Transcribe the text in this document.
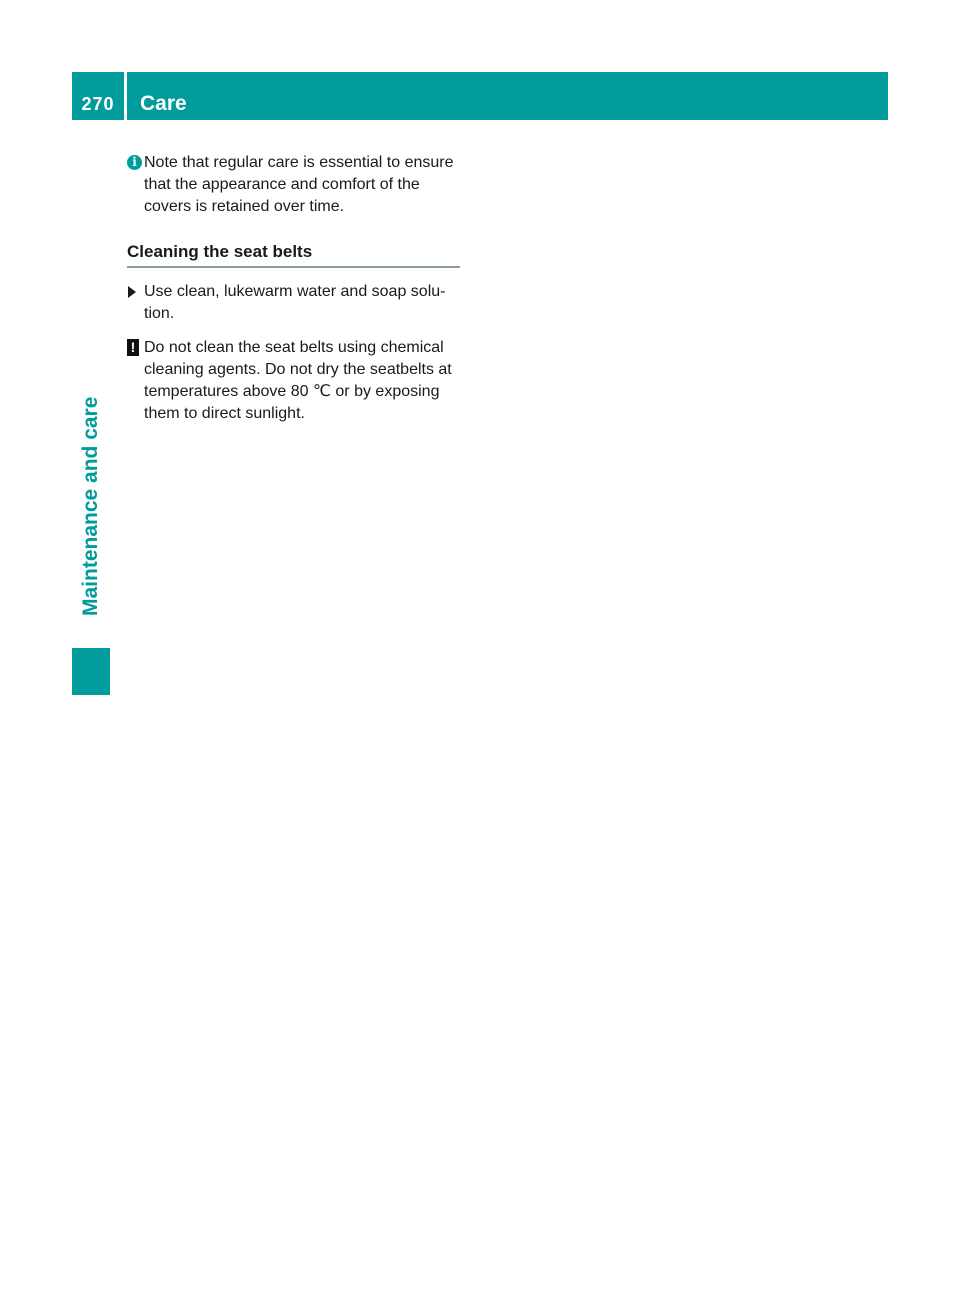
270	Care
Maintenance and care

i Note that regular care is essential to ensure that the appearance and comfort of the covers is retained over time.

Cleaning the seat belts

Use clean, lukewarm water and soap solu-tion.

! Do not clean the seat belts using chemical cleaning agents. Do not dry the seatbelts at temperatures above 80 ℃ or by exposing them to direct sunlight.
